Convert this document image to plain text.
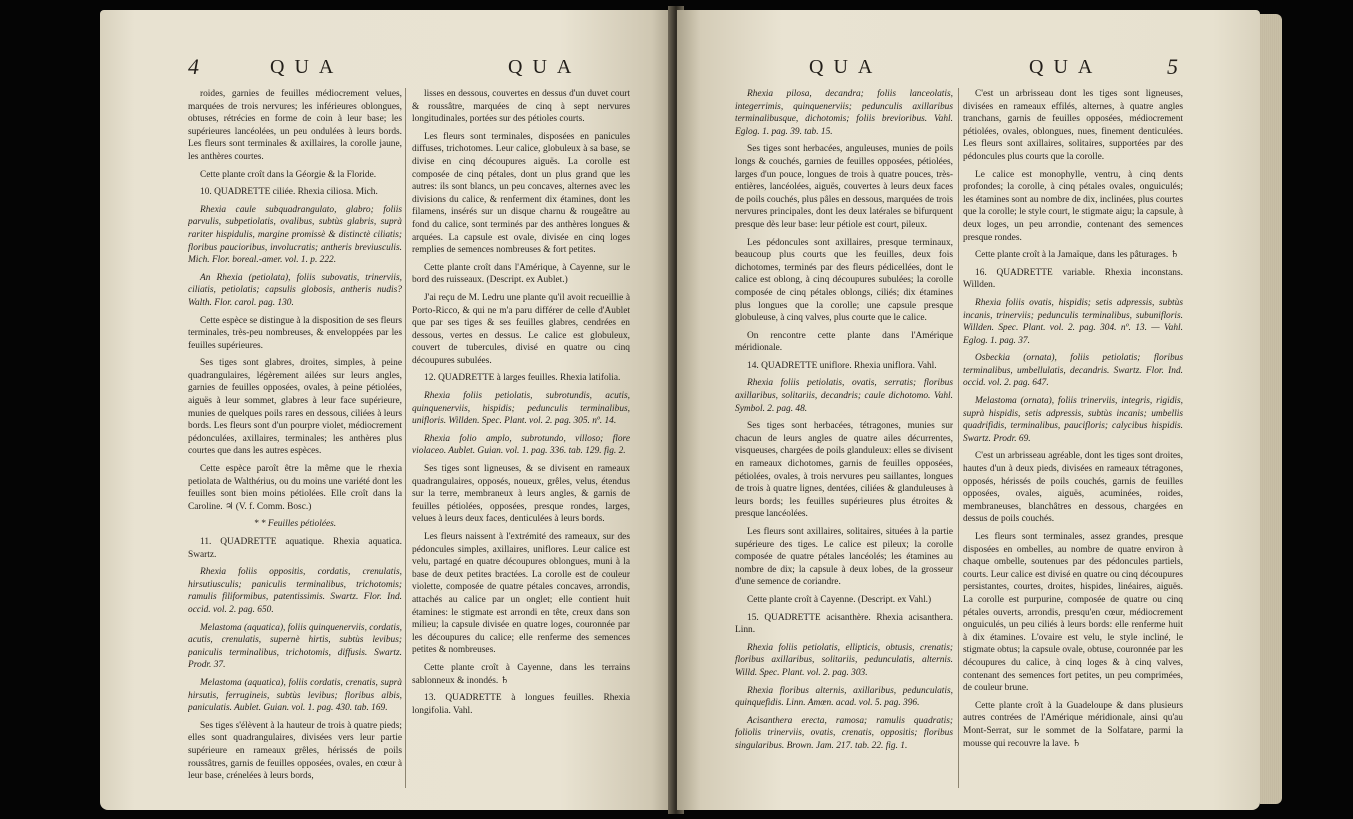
4	QUA	QUA

roides, garnies de feuilles médiocrement velues, marquées de trois nervures; les inférieures oblongues, obtuses, rétrécies en forme de coin à leur base; les supérieures lancéolées, un peu ondulées à leurs bords. Les fleurs sont terminales & axillaires, la corolle jaune, les anthères courtes.

Cette plante croît dans la Géorgie & la Floride.

10. QUADRETTE ciliée. Rhexia ciliosa. Mich.

Rhexia caule subquadrangulato, glabro; foliis parvulis, subpetiolatis, ovalibus, subtùs glabris, suprà rariter hispidulis, margine promissè & distinctè ciliatis; floribus paucioribus, involucratis; antheris breviusculis. Mich. Flor. boreal.-amer. vol. 1. p. 222.

An Rhexia (petiolata), foliis subovatis, trinerviis, ciliatis, petiolatis; capsulis globosis, antheris nudis? Walth. Flor. carol. pag. 130.

Cette espèce se distingue à la disposition de ses fleurs terminales, très-peu nombreuses, & enveloppées par les feuilles supérieures.

Ses tiges sont glabres, droites, simples, à peine quadrangulaires, légèrement ailées sur leurs angles, garnies de feuilles opposées, ovales, à peine pétiolées, aiguës à leur sommet, glabres à leur face supérieure, munies de quelques poils rares en dessous, ciliées à leurs bords. Les fleurs sont d'un pourpre violet, médiocrement pédonculées, axillaires, terminales; les anthères plus courtes que dans les autres espèces.

Cette espèce paroît être la même que le rhexia petiolata de Walthérius, ou du moins une variété dont les feuilles sont bien moins pétiolées. Elle croît dans la Caroline. ♃ (V. f. Comm. Bosc.)

* * Feuilles pétiolées.

11. QUADRETTE aquatique. Rhexia aquatica. Swartz.

Rhexia foliis oppositis, cordatis, crenulatis, hirsutiusculis; paniculis terminalibus, trichotomis; ramulis filiformibus, patentissimis. Swartz. Flor. Ind. occid. vol. 2. pag. 650.

Melastoma (aquatica), foliis quinquenerviis, cordatis, acutis, crenulatis, supernè hirtis, subtùs levibus; paniculis terminalibus, trichotomis, diffusis. Swartz. Prodr. 37.

Melastoma (aquatica), foliis cordatis, crenatis, suprà hirsutis, ferrugineis, subtùs levibus; floribus albis, paniculatis. Aublet. Guian. vol. 1. pag. 430. tab. 169.

Ses tiges s'élèvent à la hauteur de trois à quatre pieds; elles sont quadrangulaires, divisées vers leur partie supérieure en rameaux grêles, hérissés de poils roussâtres, garnis de feuilles opposées, ovales, en cœur à leur base, crénelées à leurs bords,

lisses en dessous, couvertes en dessus d'un duvet court & roussâtre, marquées de cinq à sept nervures longitudinales, portées sur des pétioles courts.

Les fleurs sont terminales, disposées en panicules diffuses, trichotomes. Leur calice, globuleux à sa base, se divise en cinq découpures aiguës. La corolle est composée de cinq pétales, dont un plus grand que les autres: ils sont blancs, un peu concaves, alternes avec les divisions du calice, & renferment dix étamines, dont les filamens, insérés sur un disque charnu & rougeâtre au fond du calice, sont terminés par des anthères longues & arquées. La capsule est ovale, divisée en cinq loges remplies de semences nombreuses & fort petites.

Cette plante croît dans l'Amérique, à Cayenne, sur le bord des ruisseaux. (Descript. ex Aublet.)

J'ai reçu de M. Ledru une plante qu'il avoit recueillie à Porto-Ricco, & qui ne m'a paru différer de celle d'Aublet que par ses tiges & ses feuilles glabres, cendrées en dessous, vertes en dessus. Le calice est globuleux, couvert de tubercules, divisé en quatre ou cinq découpures subulées.

12. QUADRETTE à larges feuilles. Rhexia latifolia.

Rhexia foliis petiolatis, subrotundis, acutis, quinquenerviis, hispidis; pedunculis terminalibus, unifloris. Willden. Spec. Plant. vol. 2. pag. 305. nº. 14.

Rhexia folio amplo, subrotundo, villoso; flore violaceo. Aublet. Guian. vol. 1. pag. 336. tab. 129. fig. 2.

Ses tiges sont ligneuses, & se divisent en rameaux quadrangulaires, opposés, noueux, grêles, velus, étendus sur la terre, membraneux à leurs angles, & garnis de feuilles pétiolées, opposées, presque rondes, larges, velues à leurs deux faces, denticulées à leurs bords.

Les fleurs naissent à l'extrémité des rameaux, sur des pédoncules simples, axillaires, uniflores. Leur calice est velu, partagé en quatre découpures oblongues, muni à la base de deux petites bractées. La corolle est de couleur violette, composée de quatre pétales concaves, arrondis, attachés au calice par un onglet; elle contient huit étamines: le stigmate est arrondi en tête, creux dans son milieu; la capsule divisée en quatre loges, couronnée par les découpures du calice; elle renferme des semences petites & nombreuses.

Cette plante croît à Cayenne, dans les terrains sablonneux & inondés. ♄

13. QUADRETTE à longues feuilles. Rhexia longifolia. Vahl.

QUA	QUA	5

Rhexia pilosa, decandra; foliis lanceolatis, integerrimis, quinquenerviis; pedunculis axillaribus terminalibusque, dichotomis; foliis brevioribus. Vahl. Eglog. 1. pag. 39. tab. 15.

Ses tiges sont herbacées, anguleuses, munies de poils longs & couchés, garnies de feuilles opposées, pétiolées, larges d'un pouce, longues de trois à quatre pouces, très-entières, lancéolées, aiguës, couvertes à leurs deux faces de poils couchés, plus pâles en dessous, marquées de trois nervures principales, dont les deux latérales se bifurquent presque dès leur base: leur pétiole est court, pileux.

Les pédoncules sont axillaires, presque terminaux, beaucoup plus courts que les feuilles, deux fois dichotomes, terminés par des fleurs pédicellées, dont le calice est oblong, à cinq découpures subulées; la corolle composée de cinq pétales oblongs, ciliés; dix étamines plus longues que la corolle; une capsule presque globuleuse, à cinq valves, plus courte que le calice.

On rencontre cette plante dans l'Amérique méridionale.

14. QUADRETTE uniflore. Rhexia uniflora. Vahl.

Rhexia foliis petiolatis, ovatis, serratis; floribus axillaribus, solitariis, decandris; caule dichotomo. Vahl. Symbol. 2. pag. 48.

Ses tiges sont herbacées, tétragones, munies sur chacun de leurs angles de quatre ailes décurrentes, visqueuses, chargées de poils glanduleux: elles se divisent en rameaux dichotomes, garnis de feuilles opposées, pétiolées, ovales, à trois nervures peu saillantes, longues de trois à quatre lignes, dentées, ciliées & glanduleuses à leurs bords; les feuilles supérieures plus étroites & presque lancéolées.

Les fleurs sont axillaires, solitaires, situées à la partie supérieure des tiges. Le calice est pileux; la corolle composée de quatre pétales lancéolés; les étamines au nombre de dix; la capsule à deux lobes, de la grosseur d'une semence de coriandre.

Cette plante croît à Cayenne. (Descript. ex Vahl.)

15. QUADRETTE acisanthère. Rhexia acisanthera. Linn.

Rhexia foliis petiolatis, ellipticis, obtusis, crenatis; floribus axillaribus, solitariis, pedunculatis, alternis. Willd. Spec. Plant. vol. 2. pag. 303.

Rhexia floribus alternis, axillaribus, pedunculatis, quinquefidis. Linn. Amœn. acad. vol. 5. pag. 396.

Acisanthera erecta, ramosa; ramulis quadratis; foliolis trinerviis, ovatis, crenatis, oppositis; floribus singularibus. Brown. Jam. 217. tab. 22. fig. 1.

C'est un arbrisseau dont les tiges sont ligneuses, divisées en rameaux effilés, alternes, à quatre angles tranchans, garnis de feuilles opposées, médiocrement pétiolées, ovales, oblongues, nues, finement denticulées. Les fleurs sont axillaires, solitaires, supportées par des pédoncules plus courts que la corolle.

Le calice est monophylle, ventru, à cinq dents profondes; la corolle, à cinq pétales ovales, onguiculés; les étamines sont au nombre de dix, inclinées, plus courtes que la corolle; le style court, le stigmate aigu; la capsule, à deux loges, un peu arrondie, contenant des semences presque rondes.

Cette plante croît à la Jamaïque, dans les pâturages. ♄

16. QUADRETTE variable. Rhexia inconstans. Willden.

Rhexia foliis ovatis, hispidis; setis adpressis, subtùs incanis, trinerviis; pedunculis terminalibus, subunifloris. Willden. Spec. Plant. vol. 2. pag. 304. nº. 13. — Vahl. Eglog. 1. pag. 37.

Osbeckia (ornata), foliis petiolatis; floribus terminalibus, umbellulatis, decandris. Swartz. Flor. Ind. occid. vol. 2. pag. 647.

Melastoma (ornata), foliis trinerviis, integris, rigidis, suprà hispidis, setis adpressis, subtùs incanis; umbellis quadrifidis, terminalibus, paucifloris; calycibus hispidis. Swartz. Prodr. 69.

C'est un arbrisseau agréable, dont les tiges sont droites, hautes d'un à deux pieds, divisées en rameaux tétragones, opposés, hérissés de poils couchés, garnis de feuilles opposées, ovales, aiguës, acuminées, roides, membraneuses, blanchâtres en dessous, chargées en dessus de poils couchés.

Les fleurs sont terminales, assez grandes, presque disposées en ombelles, au nombre de quatre environ à chaque ombelle, soutenues par des pédoncules partiels, courts. Leur calice est divisé en quatre ou cinq découpures persistantes, courtes, droites, hispides, linéaires, aiguës. La corolle est purpurine, composée de quatre ou cinq pétales ouverts, arrondis, presqu'en cœur, médiocrement onguiculés, un peu ciliés à leurs bords: elle renferme huit à dix étamines. L'ovaire est velu, le style incliné, le stigmate obtus; la capsule ovale, obtuse, couronnée par les découpures du calice, à cinq loges & à cinq valves, contenant des semences fort petites, un peu comprimées, de couleur brune.

Cette plante croît à la Guadeloupe & dans plusieurs autres contrées de l'Amérique méridionale, ainsi qu'au Mont-Serrat, sur le sommet de la Solfatare, parmi la mousse qui recouvre la lave. ♄
